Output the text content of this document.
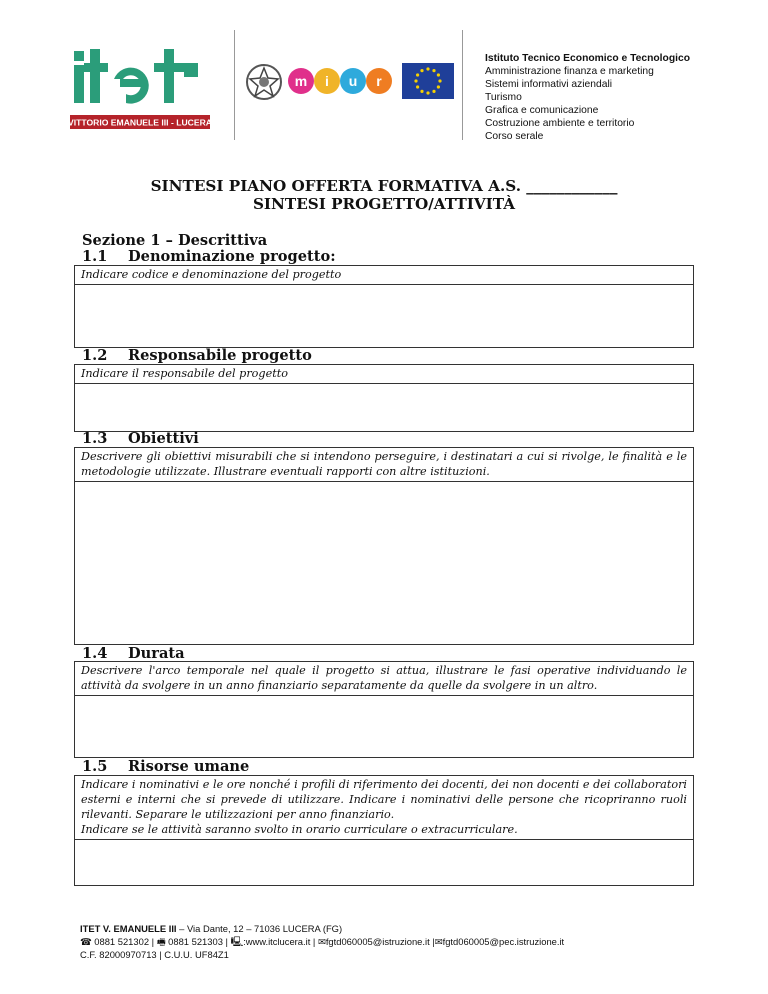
VITTORIO EMANUELE III - LUCERA
m i u r
Istituto Tecnico Economico e Tecnologico
Amministrazione finanza e marketing
Sistemi informativi aziendali
Turismo
Grafica e comunicazione
Costruzione ambiente e territorio
Corso serale
SINTESI PIANO OFFERTA FORMATIVA A.S. ____________
SINTESI PROGETTO/ATTIVITÀ
Sezione 1 – Descrittiva
1.1 Denominazione progetto:
Indicare codice e denominazione del progetto
1.2 Responsabile progetto
Indicare il responsabile del progetto
1.3 Obiettivi
Descrivere gli obiettivi misurabili che si intendono perseguire, i destinatari a cui si rivolge, le finalità e le metodologie utilizzate. Illustrare eventuali rapporti con altre istituzioni.
1.4 Durata
Descrivere l'arco temporale nel quale il progetto si attua, illustrare le fasi operative individuando le attività da svolgere in un anno finanziario separatamente da quelle da svolgere in un altro.
1.5 Risorse umane
Indicare i nominativi e le ore nonché i profili di riferimento dei docenti, dei non docenti e dei collaboratori esterni e interni che si prevede di utilizzare. Indicare i nominativi delle persone che ricopriranno ruoli rilevanti. Separare le utilizzazioni per anno finanziario.
Indicare se le attività saranno svolto in orario curriculare o extracurriculare.
ITET V. EMANUELE III – Via Dante, 12 – 71036 LUCERA (FG)
☎ 0881 521302 | 🖷 0881 521303 | 🖳:www.itclucera.it | ✉fgtd060005@istruzione.it |✉fgtd060005@pec.istruzione.it
C.F. 82000970713 | C.U.U. UF84Z1
